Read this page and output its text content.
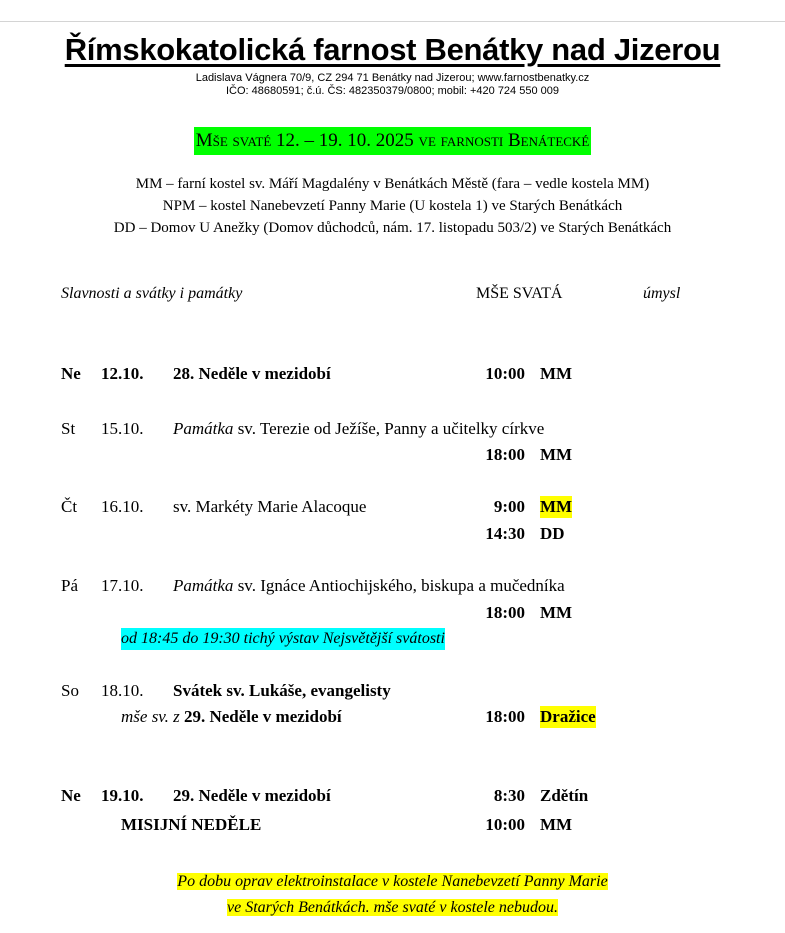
Římskokatolická farnost Benátky nad Jizerou
Ladislava Vágnera 70/9, CZ 294 71 Benátky nad Jizerou; www.farnostbenatky.cz
IČO: 48680591; č.ú. ČS: 482350379/0800; mobil: +420 724 550 009
Mše svaté 12. – 19. 10. 2025 ve farnosti Benátecké
MM – farní kostel sv. Máří Magdalény v Benátkách Městě (fara – vedle kostela MM)
NPM – kostel Nanebevzetí Panny Marie (U kostela 1) ve Starých Benátkách
DD – Domov U Anežky (Domov důchodců, nám. 17. listopadu 503/2) ve Starých Benátkách
Slavnosti a svátky i památky	MŠE SVATÁ	úmysl
Ne 12.10. 28. Neděle v mezidobí	10:00 MM
St 15.10. Památka sv. Terezie od Ježíše, Panny a učitelky církve
18:00 MM
Čt 16.10. sv. Markéty Marie Alacoque	9:00 MM
14:30 DD
Pá 17.10. Památka sv. Ignáce Antiochijského, biskupa a mučedníka
18:00 MM
od 18:45 do 19:30 tichý výstav Nejsvětější svátosti
So 18.10. Svátek sv. Lukáše, evangelisty
mše sv. z 29. Neděle v mezidobí	18:00 Dražice
Ne 19.10. 29. Neděle v mezidobí	8:30 Zdětín
MISIJNÍ NEDĚLE	10:00 MM
Po dobu oprav elektroinstalace v kostele Nanebevzetí Panny Marie
ve Starých Benátkách. mše svaté v kostele nebudou.
